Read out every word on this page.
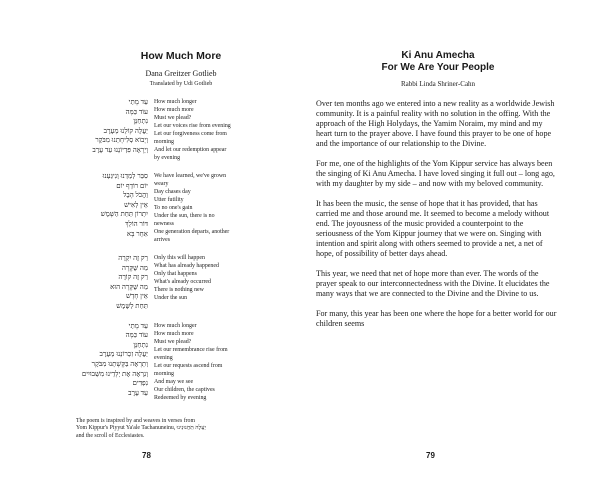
How Much More
Dana Greitzer Gotlieb
Translated by Udi Gotlieb
עַד מָתַי
עוֹד כַּמָּה
נִתְחַנֵּן
יַעֲלֶה קוֹלֵנוּ מֵעֶרֶב
וְיָבוֹא סְלִיחָתֵנוּ מִבֹּקֶר
וְיֵרָאֶה פִּדְיוֹנֵנוּ עַד עֶרֶב
How much longer
How much more
Must we plead?
Let our voices rise from evening
Let our forgiveness come from
morning
And let our redemption appear
by evening
סִבַּר לְמַדְנוּ וְנִיגַּעְנוּ
יוֹם רוֹדֵף יוֹם
וַהֲכֹל הָבֶל
אֵין לְאִישׁ
יִתְרוֹן תַּחַת הַשָּׁמֶשׁ
דּוֹר הוֹלֵךְ
אַחֵר בָּא
We have learned, we've grown
weary
Day chases day
Utter futility
To no one's gain
Under the sun, there is no
newness
One generation departs, another
arrives
רַק זֶה יִקְרֶה
מַה שֶּׁקָּרָה
רַק זֶה קוֹרֶה
מַה שֶּׁקָּרָה הוּא
אֵין חָדָשׁ
תַּחַת לַשֶּׁמֶשׁ
Only this will happen
What has already happened
Only that happens
What's already occurred
There is nothing new
Under the sun
עַד מָתַי
עוֹד כַּמָּה
נִתְחַנֵּן
יַעֲלֶה זִכְרוֹנֵנוּ מֵעֶרֶב
וְתֵרָאֶה בַּקָּשָׁתֵנוּ מִבֹּקֶר
וְנִרְאֶה אֶת יְלָדֵינוּ מִשְּׁבוּיִים
נִפְדִּים
עַד עֶרֶב
How much longer
How much more
Must we plead?
Let our remembrance rise from
evening
Let our requests ascend from
morning
And may we see
Our children, the captives
Redeemed by evening
The poem is inspired by and weaves in verses from
Yom Kippur's Piyyut Ya'ale Tachanuneinu, יַעֲלֶה תַּחֲנוּנֵינוּ
and the scroll of Ecclesiastes.
78
Ki Anu Amecha
For We Are Your People
Rabbi Linda Shriner-Cahn
Over ten months ago we entered into a new reality as a worldwide Jewish community. It is a painful reality with no solution in the offing. With the approach of the High Holydays, the Yamim Noraim, my mind and my heart turn to the prayer above. I have found this prayer to be one of hope and the importance of our relationship to the Divine.
For me, one of the highlights of the Yom Kippur service has always been the singing of Ki Anu Amecha. I have loved singing it full out – long ago, with my daughter by my side – and now with my beloved community.
It has been the music, the sense of hope that it has provided, that has carried me and those around me. It seemed to become a melody without end. The joyousness of the music provided a counterpoint to the seriousness of the Yom Kippur journey that we were on. Singing with intention and spirit along with others seemed to provide a net, a net of hope, of possibility of better days ahead.
This year, we need that net of hope more than ever. The words of the prayer speak to our interconnectedness with the Divine. It elucidates the many ways that we are connected to the Divine and the Divine to us.
For many, this year has been one where the hope for a better world for our children seems
79
